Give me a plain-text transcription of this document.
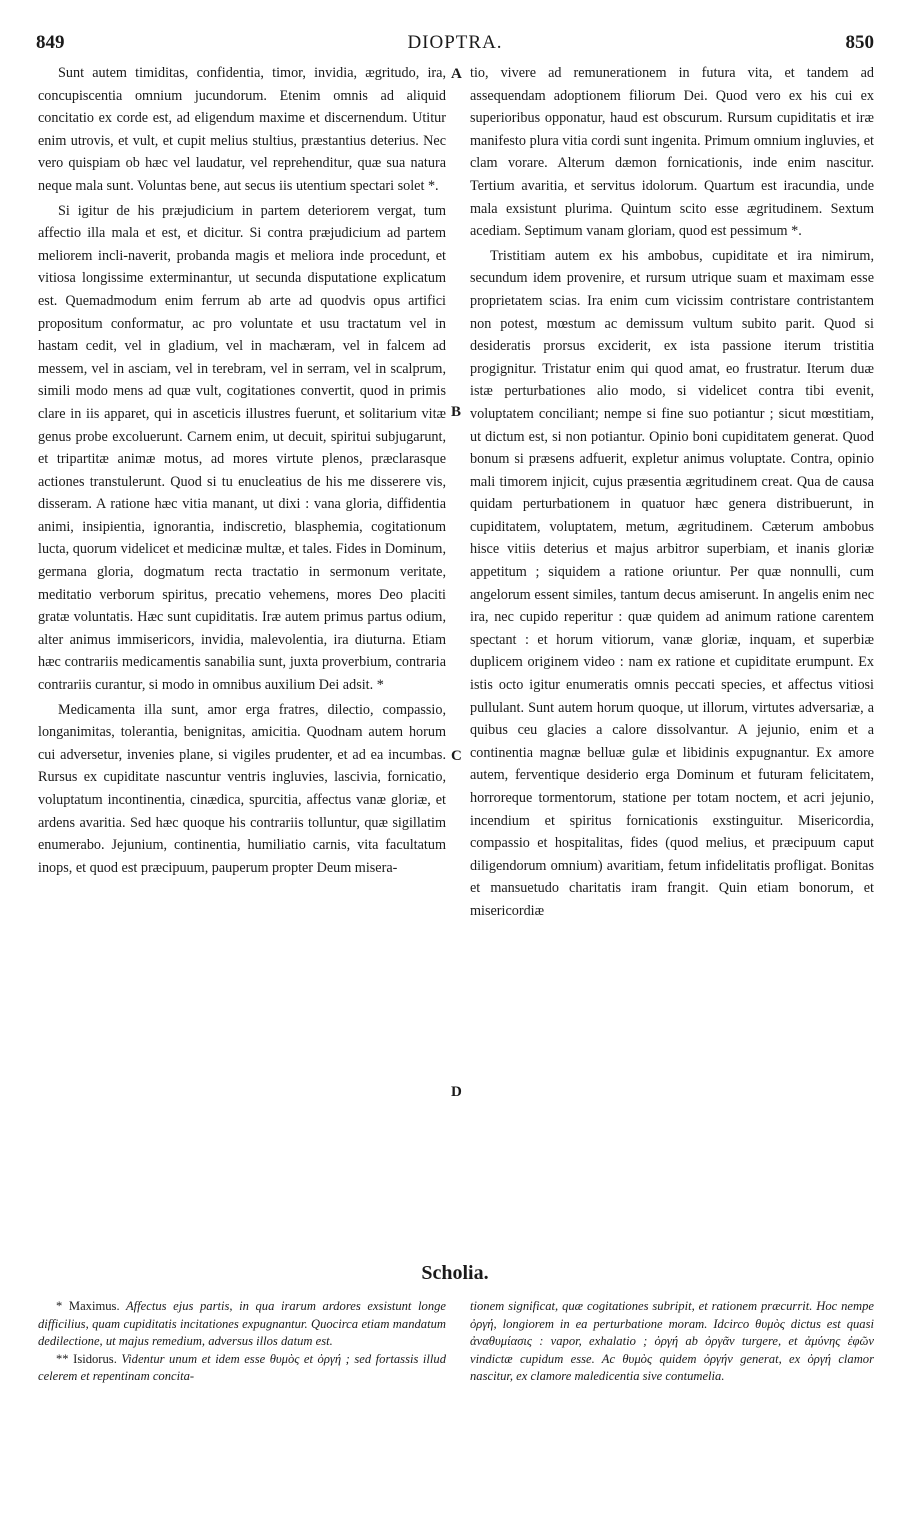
849	DIOPTRA.	850

Sunt autem timiditas, confidentia, timor, invidia, ægritudo, ira, concupiscentia omnium jucundorum. Etenim omnis ad aliquid concitatio ex corde est, ad eligendum maxime et discernendum. Utitur enim utrovis, et vult, et cupit melius stultius, præstantius deterius. Nec vero quispiam ob hæc vel laudatur, vel reprehenditur, quæ sua natura neque mala sunt. Voluntas bene, aut secus iis utentium spectari solet *.

Si igitur de his præjudicium in partem deteriorem vergat, tum affectio illa mala et est, et dicitur. Si contra præjudicium ad partem meliorem incli-naverit, probanda magis et meliora inde procedunt, et vitiosa longissime exterminantur, ut secunda disputatione explicatum est. Quemadmodum enim ferrum ab arte ad quodvis opus artifici propositum conformatur, ac pro voluntate et usu tractatum vel in hastam cedit, vel in gladium, vel in machæram, vel in falcem ad messem, vel in asciam, vel in terebram, vel in serram, vel in scalprum, simili modo mens ad quæ vult, cogitationes convertit, quod in primis clare in iis apparet, qui in asceticis illustres fuerunt, et solitarium vitæ genus probe excoluerunt. Carnem enim, ut decuit, spiritui subjugarunt, et tripartitæ animæ motus, ad mores virtute plenos, præclarasque actiones transtulerunt. Quod si tu enucleatius de his me disserere vis, disseram. A ratione hæc vitia manant, ut dixi : vana gloria, diffidentia animi, insipientia, ignorantia, indiscretio, blasphemia, cogitationum lucta, quorum videlicet et medicinæ multæ, et tales. Fides in Dominum, germana gloria, dogmatum recta tractatio in sermonum veritate, meditatio verborum spiritus, precatio vehemens, mores Deo placiti gratæ voluntatis. Hæc sunt cupiditatis. Iræ autem primus partus odium, alter animus immisericors, invidia, malevolentia, ira diuturna. Etiam hæc contrariis medicamentis sanabilia sunt, juxta proverbium, contraria contrariis curantur, si modo in omnibus auxilium Dei adsit. *

Medicamenta illa sunt, amor erga fratres, dilectio, compassio, longanimitas, tolerantia, benignitas, amicitia. Quodnam autem horum cui adversetur, invenies plane, si vigiles prudenter, et ad ea incumbas. Rursus ex cupiditate nascuntur ventris ingluvies, lascivia, fornicatio, voluptatum incontinentia, cinædica, spurcitia, affectus vanæ gloriæ, et ardens avaritia. Sed hæc quoque his contrariis tolluntur, quæ sigillatim enumerabo. Jejunium, continentia, humiliatio carnis, vita facultatum inops, et quod est præcipuum, pauperum propter Deum misera-

A
B
C
D

tio, vivere ad remunerationem in futura vita, et tandem ad assequendam adoptionem filiorum Dei. Quod vero ex his cui ex superioribus opponatur, haud est obscurum. Rursum cupiditatis et iræ manifesto plura vitia cordi sunt ingenita. Primum omnium ingluvies, et clam vorare. Alterum dæmon fornicationis, inde enim nascitur. Tertium avaritia, et servitus idolorum. Quartum est iracundia, unde mala exsistunt plurima. Quintum scito esse ægritudinem. Sextum acediam. Septimum vanam gloriam, quod est pessimum *.

Tristitiam autem ex his ambobus, cupiditate et ira nimirum, secundum idem provenire, et rursum utrique suam et maximam esse proprietatem scias. Ira enim cum vicissim contristare contristantem non potest, mœstum ac demissum vultum subito parit. Quod si desideratis prorsus exciderit, ex ista passione iterum tristitia progignitur. Tristatur enim qui quod amat, eo frustratur. Iterum duæ istæ perturbationes alio modo, si videlicet contra tibi evenit, voluptatem conciliant; nempe si fine suo potiantur ; sicut mœstitiam, ut dictum est, si non potiantur. Opinio boni cupiditatem generat. Quod bonum si præsens adfuerit, expletur animus voluptate. Contra, opinio mali timorem injicit, cujus præsentia ægritudinem creat. Qua de causa quidam perturbationem in quatuor hæc genera distribuerunt, in cupiditatem, voluptatem, metum, ægritudinem. Cæterum ambobus hisce vitiis deterius et majus arbitror superbiam, et inanis gloriæ appetitum ; siquidem a ratione oriuntur. Per quæ nonnulli, cum angelorum essent similes, tantum decus amiserunt. In angelis enim nec ira, nec cupido reperitur : quæ quidem ad animum ratione carentem spectant : et horum vitiorum, vanæ gloriæ, inquam, et superbiæ duplicem originem video : nam ex ratione et cupiditate erumpunt. Ex istis octo igitur enumeratis omnis peccati species, et affectus vitiosi pullulant. Sunt autem horum quoque, ut illorum, virtutes adversariæ, a quibus ceu glacies a calore dissolvantur. A jejunio, enim et a continentia magnæ belluæ gulæ et libidinis expugnantur. Ex amore autem, ferventique desiderio erga Dominum et futuram felicitatem, horroreque tormentorum, statione per totam noctem, et acri jejunio, incendium et spiritus fornicationis exstinguitur. Misericordia, compassio et hospitalitas, fides (quod melius, et præcipuum caput diligendorum omnium) avaritiam, fetum infidelitatis profligat. Bonitas et mansuetudo charitatis iram frangit. Quin etiam bonorum, et misericordiæ

Scholia.

* Maximus. Affectus ejus partis, in qua irarum ardores exsistunt longe difficilius, quam cupiditatis incitationes expugnantur. Quocirca etiam mandatum dedilectione, ut majus remedium, adversus illos datum est.

** Isidorus. Videntur unum et idem esse θυμὸς et ὀργή ; sed fortassis illud celerem et repentinam concita-

tionem significat, quæ cogitationes subripit, et rationem præcurrit. Hoc nempe ὀργή, longiorem in ea perturbatione moram. Idcirco θυμὸς dictus est quasi ἀναθυμίασις : vapor, exhalatio ; ὀργή ab ὀργᾶν turgere, et ἀμύνης ἐφῶν vindictæ cupidum esse. Ac θυμὸς quidem ὀργήν generat, ex ὀργή clamor nascitur, ex clamore maledicentia sive contumelia.
